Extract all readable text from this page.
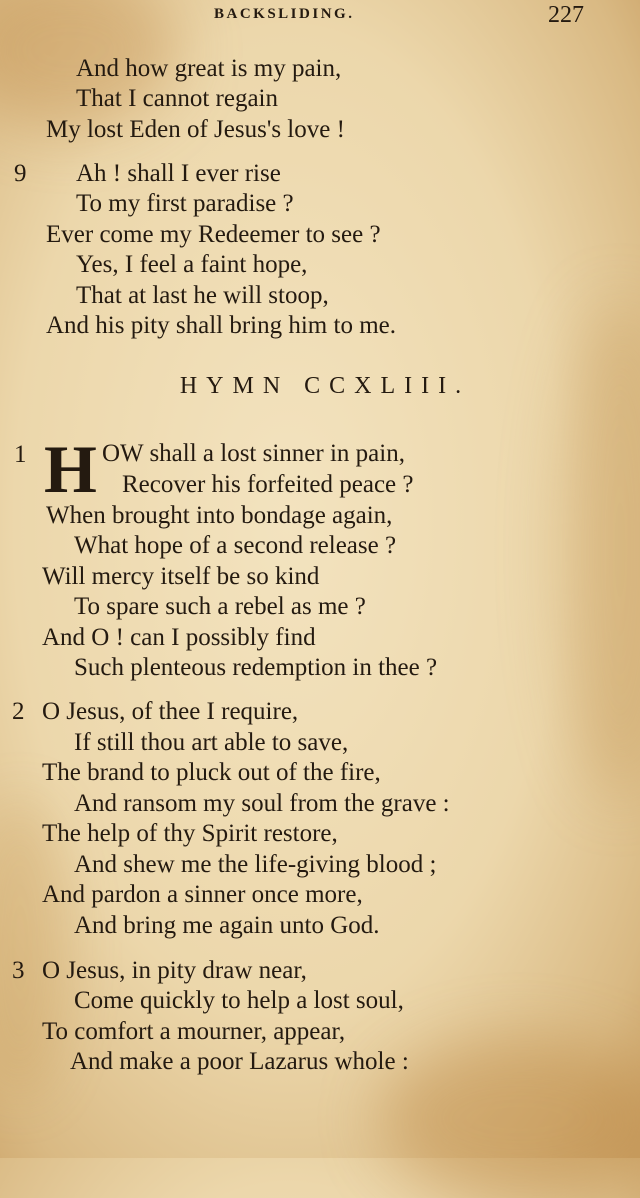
BACKSLIDING.	227
And how great is my pain,
That I cannot regain
My lost Eden of Jesus's love !
9 Ah ! shall I ever rise
To my first paradise ?
Ever come my Redeemer to see ?
Yes, I feel a faint hope,
That at last he will stoop,
And his pity shall bring him to me.
HYMN CCXLIII.
1 H OW shall a lost sinner in pain,
Recover his forfeited peace ?
When brought into bondage again,
What hope of a second release ?
Will mercy itself be so kind
To spare such a rebel as me ?
And O ! can I possibly find
Such plenteous redemption in thee ?
2 O Jesus, of thee I require,
If still thou art able to save,
The brand to pluck out of the fire,
And ransom my soul from the grave :
The help of thy Spirit restore,
And shew me the life-giving blood ;
And pardon a sinner once more,
And bring me again unto God.
3 O Jesus, in pity draw near,
Come quickly to help a lost soul,
To comfort a mourner, appear,
And make a poor Lazarus whole :
